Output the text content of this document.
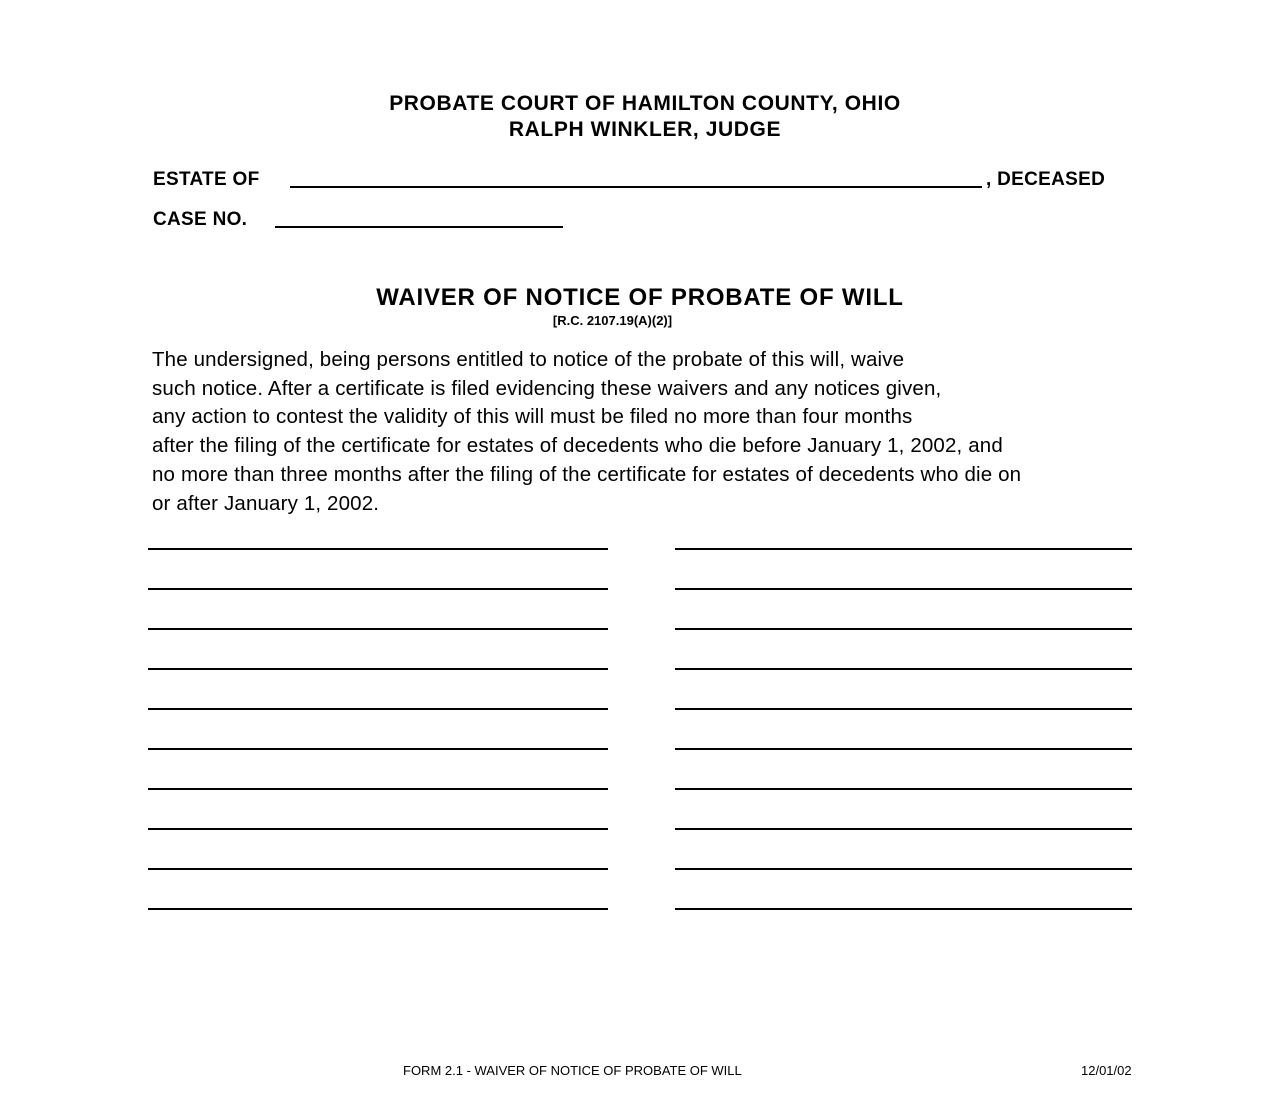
PROBATE COURT OF HAMILTON COUNTY, OHIO
RALPH WINKLER, JUDGE
ESTATE OF	, DECEASED
CASE NO.
WAIVER OF NOTICE OF PROBATE OF WILL
[R.C. 2107.19(A)(2)]
The undersigned, being persons entitled to notice of the probate of this will, waive
such notice. After a certificate is filed evidencing these waivers and any notices given,
any action to contest the validity of this will must be filed no more than four months
after the filing of the certificate for estates of decedents who die before January 1, 2002, and
no more than three months after the filing of the certificate for estates of decedents who die on
or after January 1, 2002.
FORM 2.1 - WAIVER OF NOTICE OF PROBATE OF WILL	12/01/02
